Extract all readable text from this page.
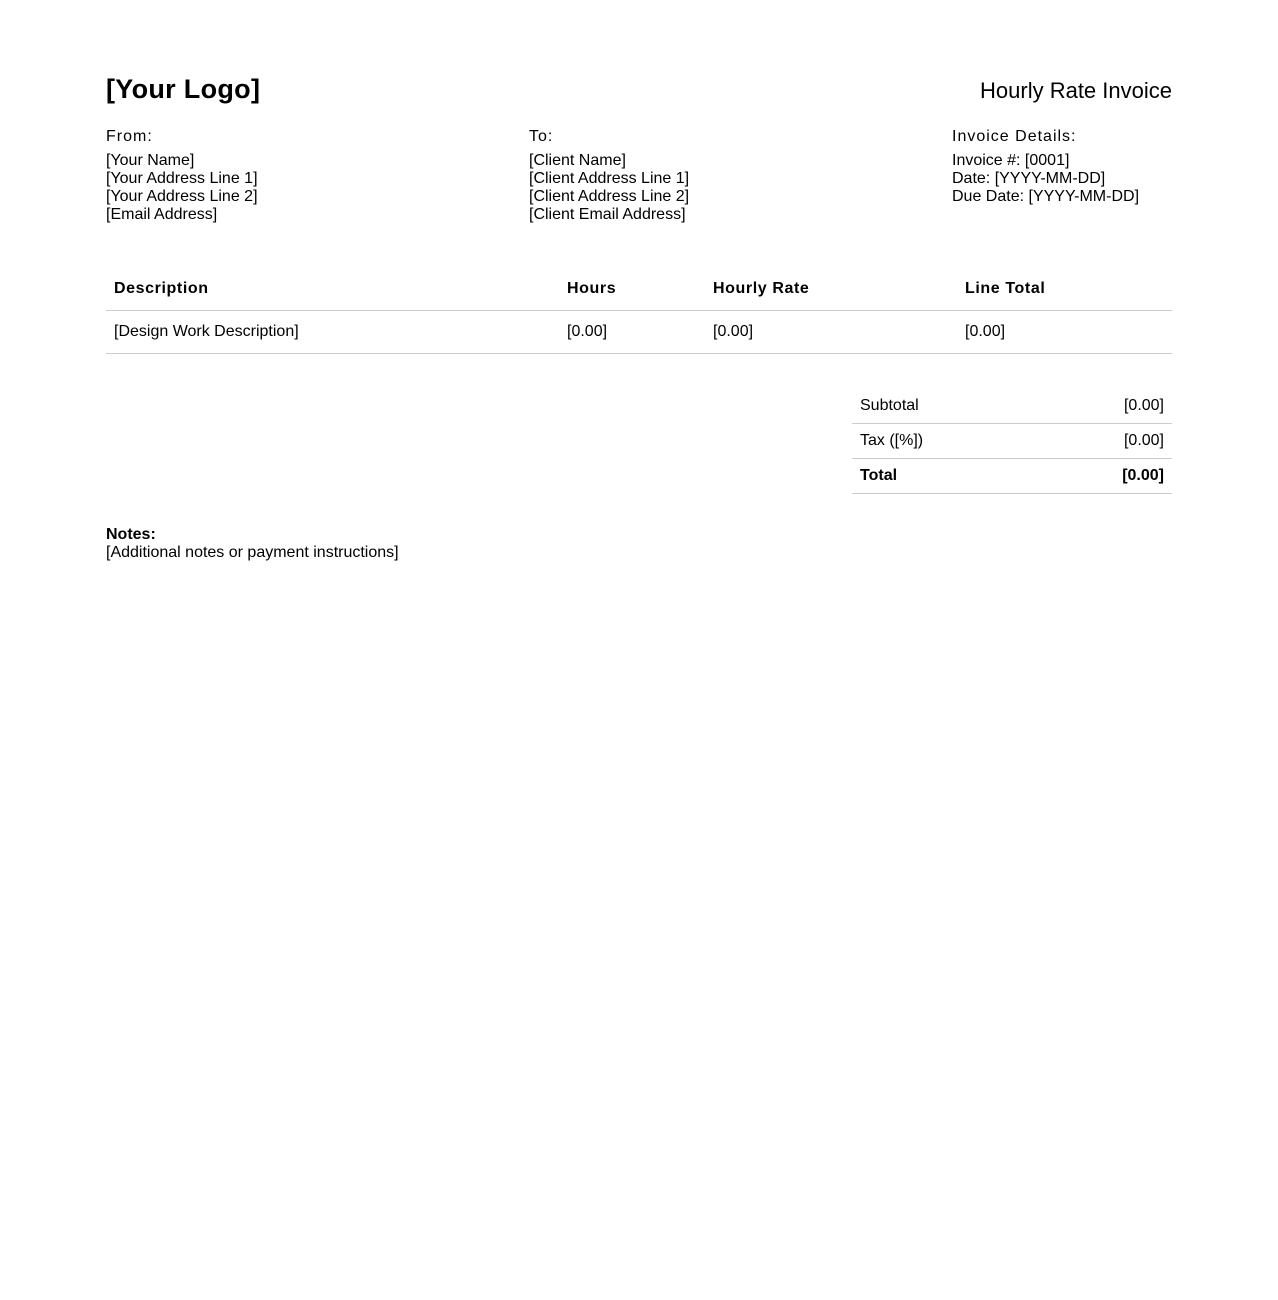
[Your Logo]	Hourly Rate Invoice
From:
[Your Name]
[Your Address Line 1]
[Your Address Line 2]
[Email Address]
To:
[Client Name]
[Client Address Line 1]
[Client Address Line 2]
[Client Email Address]
Invoice Details:
Invoice #: [0001]
Date: [YYYY-MM-DD]
Due Date: [YYYY-MM-DD]
Description	Hours	Hourly Rate	Line Total
[Design Work Description]	[0.00]	[0.00]	[0.00]
Subtotal	[0.00]
Tax ([%])	[0.00]
Total	[0.00]
Notes:
[Additional notes or payment instructions]
